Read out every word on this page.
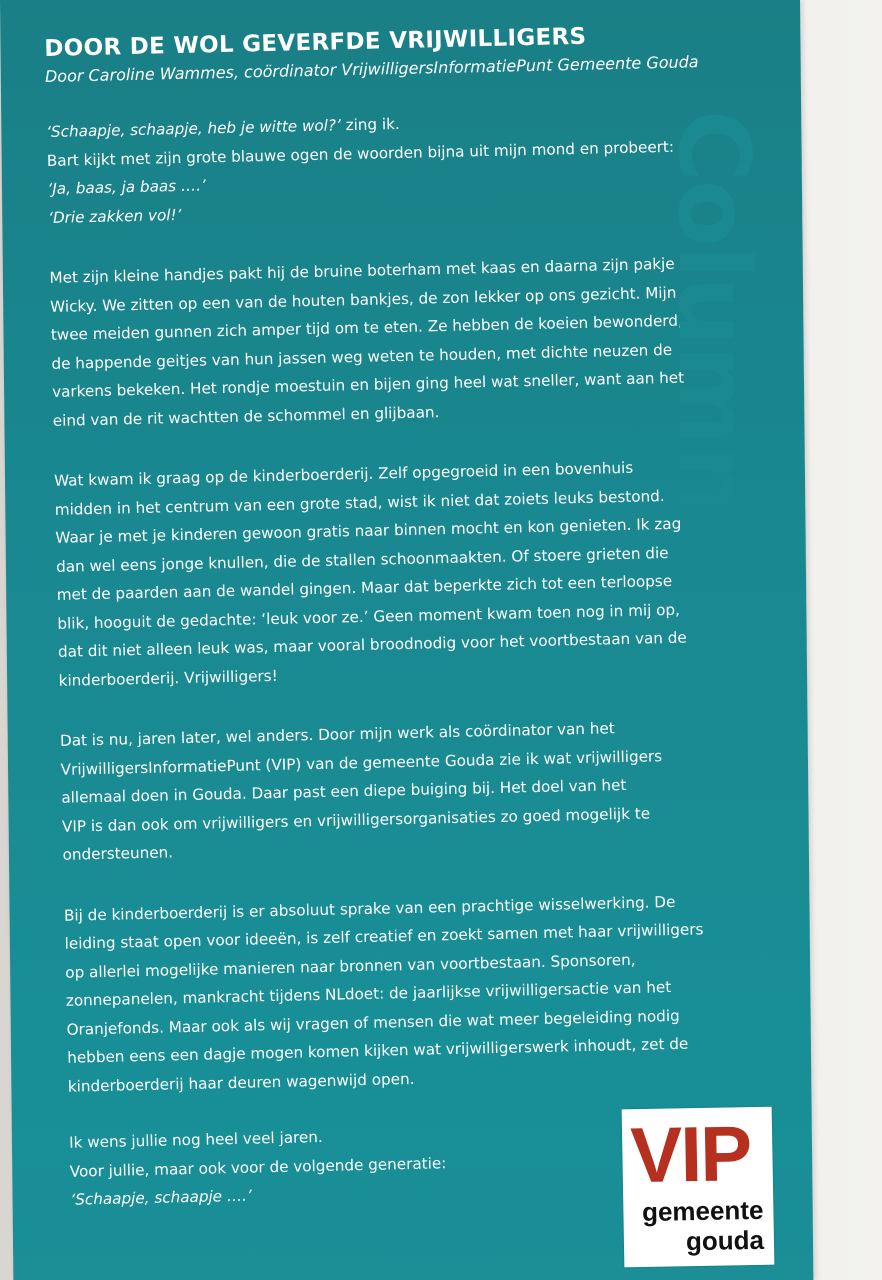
DOOR DE WOL GEVERFDE VRIJWILLIGERS

Door Caroline Wammes, coördinator VrijwilligersInformatiePunt Gemeente Gouda

‘Schaapje, schaapje, heb je witte wol?’ zing ik.
Bart kijkt met zijn grote blauwe ogen de woorden bijna uit mijn mond en probeert:
‘Ja, baas, ja baas ….’
‘Drie zakken vol!’

Met zijn kleine handjes pakt hij de bruine boterham met kaas en daarna zijn pakje
Wicky. We zitten op een van de houten bankjes, de zon lekker op ons gezicht. Mijn
twee meiden gunnen zich amper tijd om te eten. Ze hebben de koeien bewonderd,
de happende geitjes van hun jassen weg weten te houden, met dichte neuzen de
varkens bekeken. Het rondje moestuin en bijen ging heel wat sneller, want aan het
eind van de rit wachtten de schommel en glijbaan.

Wat kwam ik graag op de kinderboerderij. Zelf opgegroeid in een bovenhuis
midden in het centrum van een grote stad, wist ik niet dat zoiets leuks bestond.
Waar je met je kinderen gewoon gratis naar binnen mocht en kon genieten. Ik zag
dan wel eens jonge knullen, die de stallen schoonmaakten. Of stoere grieten die
met de paarden aan de wandel gingen. Maar dat beperkte zich tot een terloopse
blik, hooguit de gedachte: ‘leuk voor ze.’ Geen moment kwam toen nog in mij op,
dat dit niet alleen leuk was, maar vooral broodnodig voor het voortbestaan van de
kinderboerderij. Vrijwilligers!

Dat is nu, jaren later, wel anders. Door mijn werk als coördinator van het
VrijwilligersInformatiePunt (VIP) van de gemeente Gouda zie ik wat vrijwilligers
allemaal doen in Gouda. Daar past een diepe buiging bij. Het doel van het
VIP is dan ook om vrijwilligers en vrijwilligersorganisaties zo goed mogelijk te
ondersteunen.

Bij de kinderboerderij is er absoluut sprake van een prachtige wisselwerking. De
leiding staat open voor ideeën, is zelf creatief en zoekt samen met haar vrijwilligers
op allerlei mogelijke manieren naar bronnen van voortbestaan. Sponsoren,
zonnepanelen, mankracht tijdens NLdoet: de jaarlijkse vrijwilligersactie van het
Oranjefonds. Maar ook als wij vragen of mensen die wat meer begeleiding nodig
hebben eens een dagje mogen komen kijken wat vrijwilligerswerk inhoudt, zet de
kinderboerderij haar deuren wagenwijd open.

Ik wens jullie nog heel veel jaren.
Voor jullie, maar ook voor de volgende generatie:
‘Schaapje, schaapje ….’

Column
VIP
gemeente
gouda
